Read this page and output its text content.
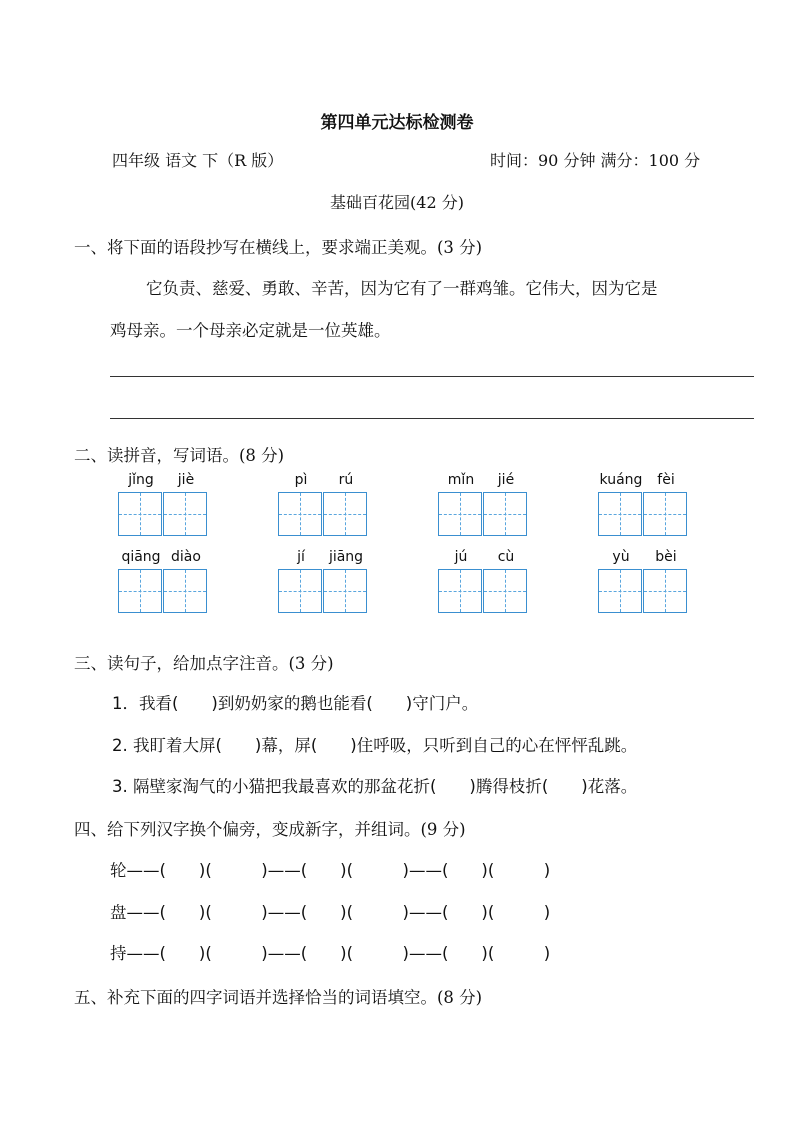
第四单元达标检测卷
四年级 语文 下（R 版）	时间：90 分钟 满分：100 分
基础百花园(42 分)
一、将下面的语段抄写在横线上，要求端正美观。(3 分)
它负责、慈爱、勇敢、辛苦，因为它有了一群鸡雏。它伟大，因为它是
鸡母亲。一个母亲必定就是一位英雄。
二、读拼音，写词语。(8 分)
jǐng	jiè	pì	rú	mǐn	jié	kuáng	fèi
qiāng diào	jí	jiāng	jú	cù	yù	bèi
三、读句子，给加点字注音。(3 分)
1．我看(　　)到奶奶家的鹅也能看(　　)守门户。
2. 我盯着大屏(　　)幕，屏(　　)住呼吸，只听到自己的心在怦怦乱跳。
3. 隔壁家淘气的小猫把我最喜欢的那盆花折(　　)腾得枝折(　　)花落。
四、给下列汉字换个偏旁，变成新字，并组词。(9 分)
轮——(　　)(　　　)——(　　)(　　　)——(　　)(　　　)
盘——(　　)(　　　)——(　　)(　　　)——(　　)(　　　)
持——(　　)(　　　)——(　　)(　　　)——(　　)(　　　)
五、补充下面的四字词语并选择恰当的词语填空。(8 分)
